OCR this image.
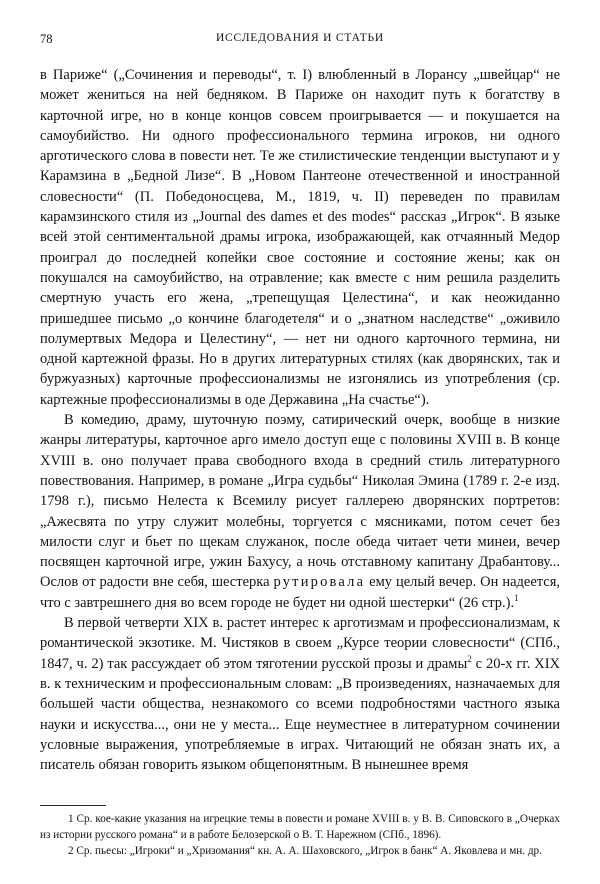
78	ИССЛЕДОВАНИЯ И СТАТЬИ

в Париже“ („Сочинения и переводы“, т. I) влюбленный в Лорансу „швейцар“ не может жениться на ней бедняком. В Париже он находит путь к богатству в карточной игре, но в конце концов совсем проигрывается — и покушается на самоубийство. Ни одного профессионального термина игроков, ни одного арготического слова в повести нет. Те же стилистические тенденции выступают и у Карамзина в „Бедной Лизе“. В „Новом Пантеоне отечественной и иностранной словесности“ (П. Победоносцева, М., 1819, ч. II) переведен по правилам карамзинского стиля из „Journal des dames et des modes“ рассказ „Игрок“. В языке всей этой сентиментальной драмы игрока, изображающей, как отчаянный Медор проиграл до последней копейки свое состояние и состояние жены; как он покушался на самоубийство, на отравление; как вместе с ним решила разделить смертную участь его жена, „трепещущая Целестина“, и как неожиданно пришедшее письмо „о кончине благодетеля“ и о „знатном наследстве“ „оживило полумертвых Медора и Целестину“, — нет ни одного карточного термина, ни одной картежной фразы. Но в других литературных стилях (как дворянских, так и буржуазных) карточные профессионализмы не изгонялись из употребления (ср. картежные профессионализмы в оде Державина „На счастье“).

В комедию, драму, шуточную поэму, сатирический очерк, вообще в низкие жанры литературы, карточное арго имело доступ еще с половины XVIII в. В конце XVIII в. оно получает права свободного входа в средний стиль литературного повествования. Например, в романе „Игра судьбы“ Николая Эмина (1789 г. 2-е изд. 1798 г.), письмо Нелеста к Всемилу рисует галлерею дворянских портретов: „Ажесвята по утру служит молебны, торгуется с мясниками, потом сечет без милости слуг и бьет по щекам служанок, после обеда читает чети минеи, вечер посвящен карточной игре, ужин Бахусу, а ночь отставному капитану Драбантову... Ослов от радости вне себя, шестерка рутировала ему целый вечер. Он надеется, что с завтрешнего дня во всем городе не будет ни одной шестерки“ (26 стр.).$^1$

В первой четверти XIX в. растет интерес к арготизмам и профессионализмам, к романтической экзотике. М. Чистяков в своем „Курсе теории словесности“ (СПб., 1847, ч. 2) так рассуждает об этом тяготении русской прозы и драмы$^2$ с 20-х гг. XIX в. к техническим и профессиональным словам: „В произведениях, назначаемых для большей части общества, незнакомого со всеми подробностями частного языка науки и искусства..., они не у места... Еще неуместнее в литературном сочинении условные выражения, употребляемые в играх. Читающий не обязан знать их, а писатель обязан говорить языком общепонятным. В нынешнее время

1 Ср. кое-какие указания на игрецкие темы в повести и романе XVIII в. у В. В. Сиповского в „Очерках из истории русского романа“ и в работе Белозерской о В. Т. Нарежном (СПб., 1896).

2 Ср. пьесы: „Игроки“ и „Хризомания“ кн. А. А. Шаховского, „Игрок в банк“ А. Яковлева и мн. др.
